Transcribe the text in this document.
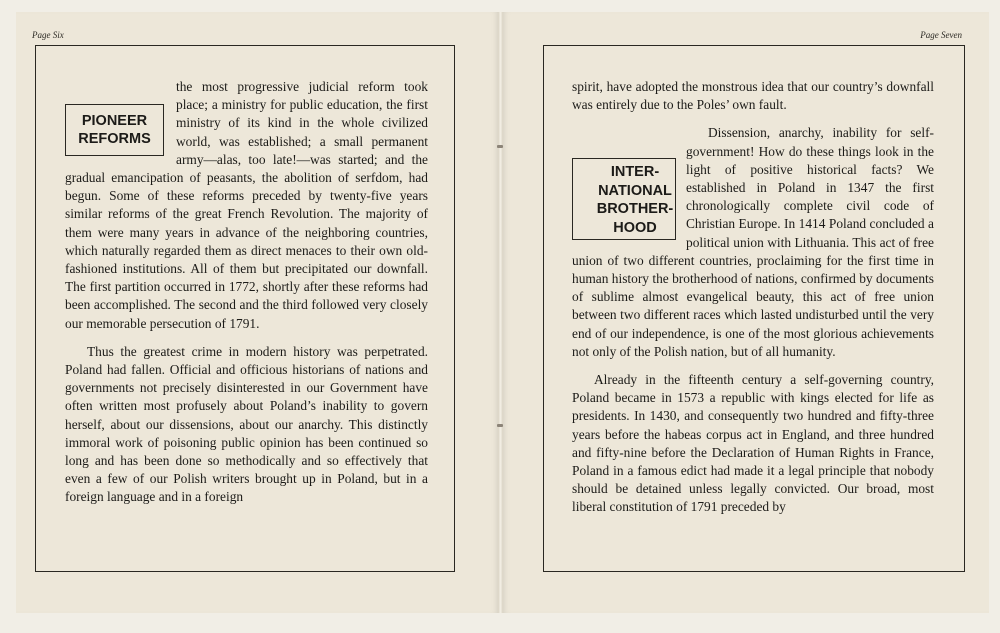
Page Six

PIONEER
REFORMS
the most progressive judicial reform took place; a ministry for public education, the first ministry of its kind in the whole civilized world, was established; a small permanent army—alas, too late!—was started; and the gradual emancipation of peasants, the abolition of serfdom, had begun. Some of these reforms preceded by twenty-five years similar reforms of the great French Revolution. The majority of them were many years in advance of the neighboring countries, which naturally regarded them as direct menaces to their own old-fashioned institutions. All of them but precipitated our downfall. The first partition occurred in 1772, shortly after these reforms had been accomplished. The second and the third followed very closely our memorable persecution of 1791.

Thus the greatest crime in modern history was perpetrated. Poland had fallen. Official and officious historians of nations and governments not precisely disinterested in our Government have often written most profusely about Poland’s inability to govern herself, about our dissensions, about our anarchy. This distinctly immoral work of poisoning public opinion has been continued so long and has been done so methodically and so effectively that even a few of our Polish writers brought up in Poland, but in a foreign language and in a foreign

Page Seven

spirit, have adopted the monstrous idea that our country’s downfall was entirely due to the Poles’ own fault.

INTER-
NATIONAL
BROTHER-
HOOD
Dissension, anarchy, inability for self-government! How do these things look in the light of positive historical facts? We established in Poland in 1347 the first chronologically complete civil code of Christian Europe. In 1414 Poland concluded a political union with Lithuania. This act of free union of two different countries, proclaiming for the first time in human history the brotherhood of nations, confirmed by documents of sublime almost evangelical beauty, this act of free union between two different races which lasted undisturbed until the very end of our independence, is one of the most glorious achievements not only of the Polish nation, but of all humanity.

Already in the fifteenth century a self-governing country, Poland became in 1573 a republic with kings elected for life as presidents. In 1430, and consequently two hundred and fifty-three years before the habeas corpus act in England, and three hundred and fifty-nine before the Declaration of Human Rights in France, Poland in a famous edict had made it a legal principle that nobody should be detained unless legally convicted. Our broad, most liberal constitution of 1791 preceded by
